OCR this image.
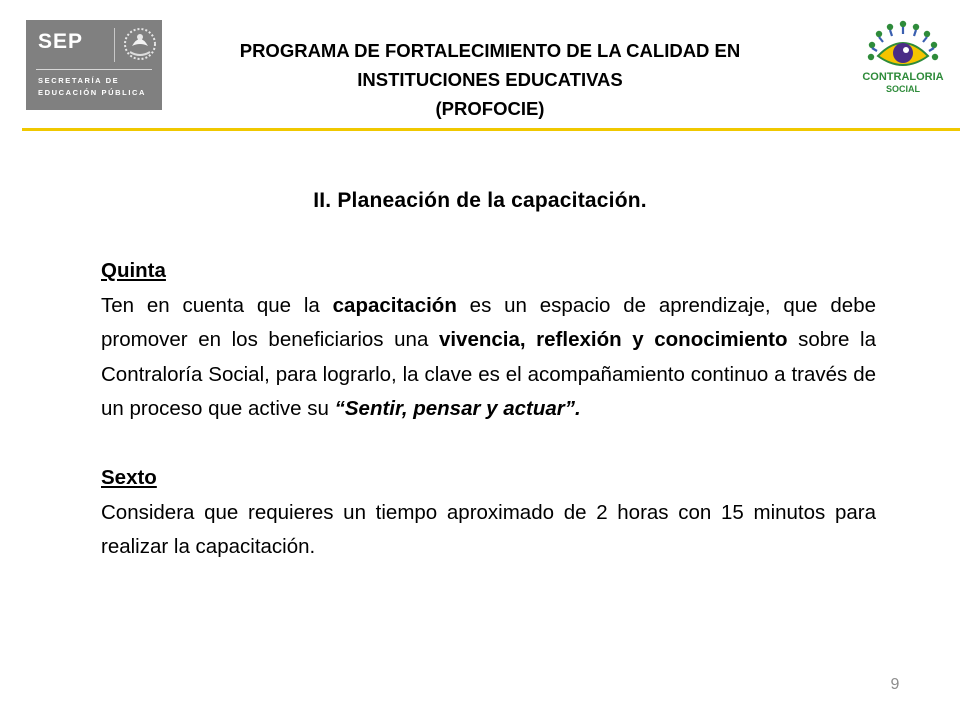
SEP
SECRETARÍA DE
EDUCACIÓN PÚBLICA
PROGRAMA DE FORTALECIMIENTO DE LA CALIDAD EN
INSTITUCIONES EDUCATIVAS
(PROFOCIE)
CONTRALORIA
SOCIAL
II. Planeación de la capacitación.
Quinta
Ten en cuenta que la capacitación es un espacio de aprendizaje, que debe promover en los beneficiarios una vivencia, reflexión y conocimiento sobre la Contraloría Social, para lograrlo, la clave es el acompañamiento continuo a través de un proceso que active su “Sentir, pensar y actuar”.
Sexto
Considera que requieres un tiempo aproximado de 2 horas con 15 minutos para realizar la capacitación.
9
